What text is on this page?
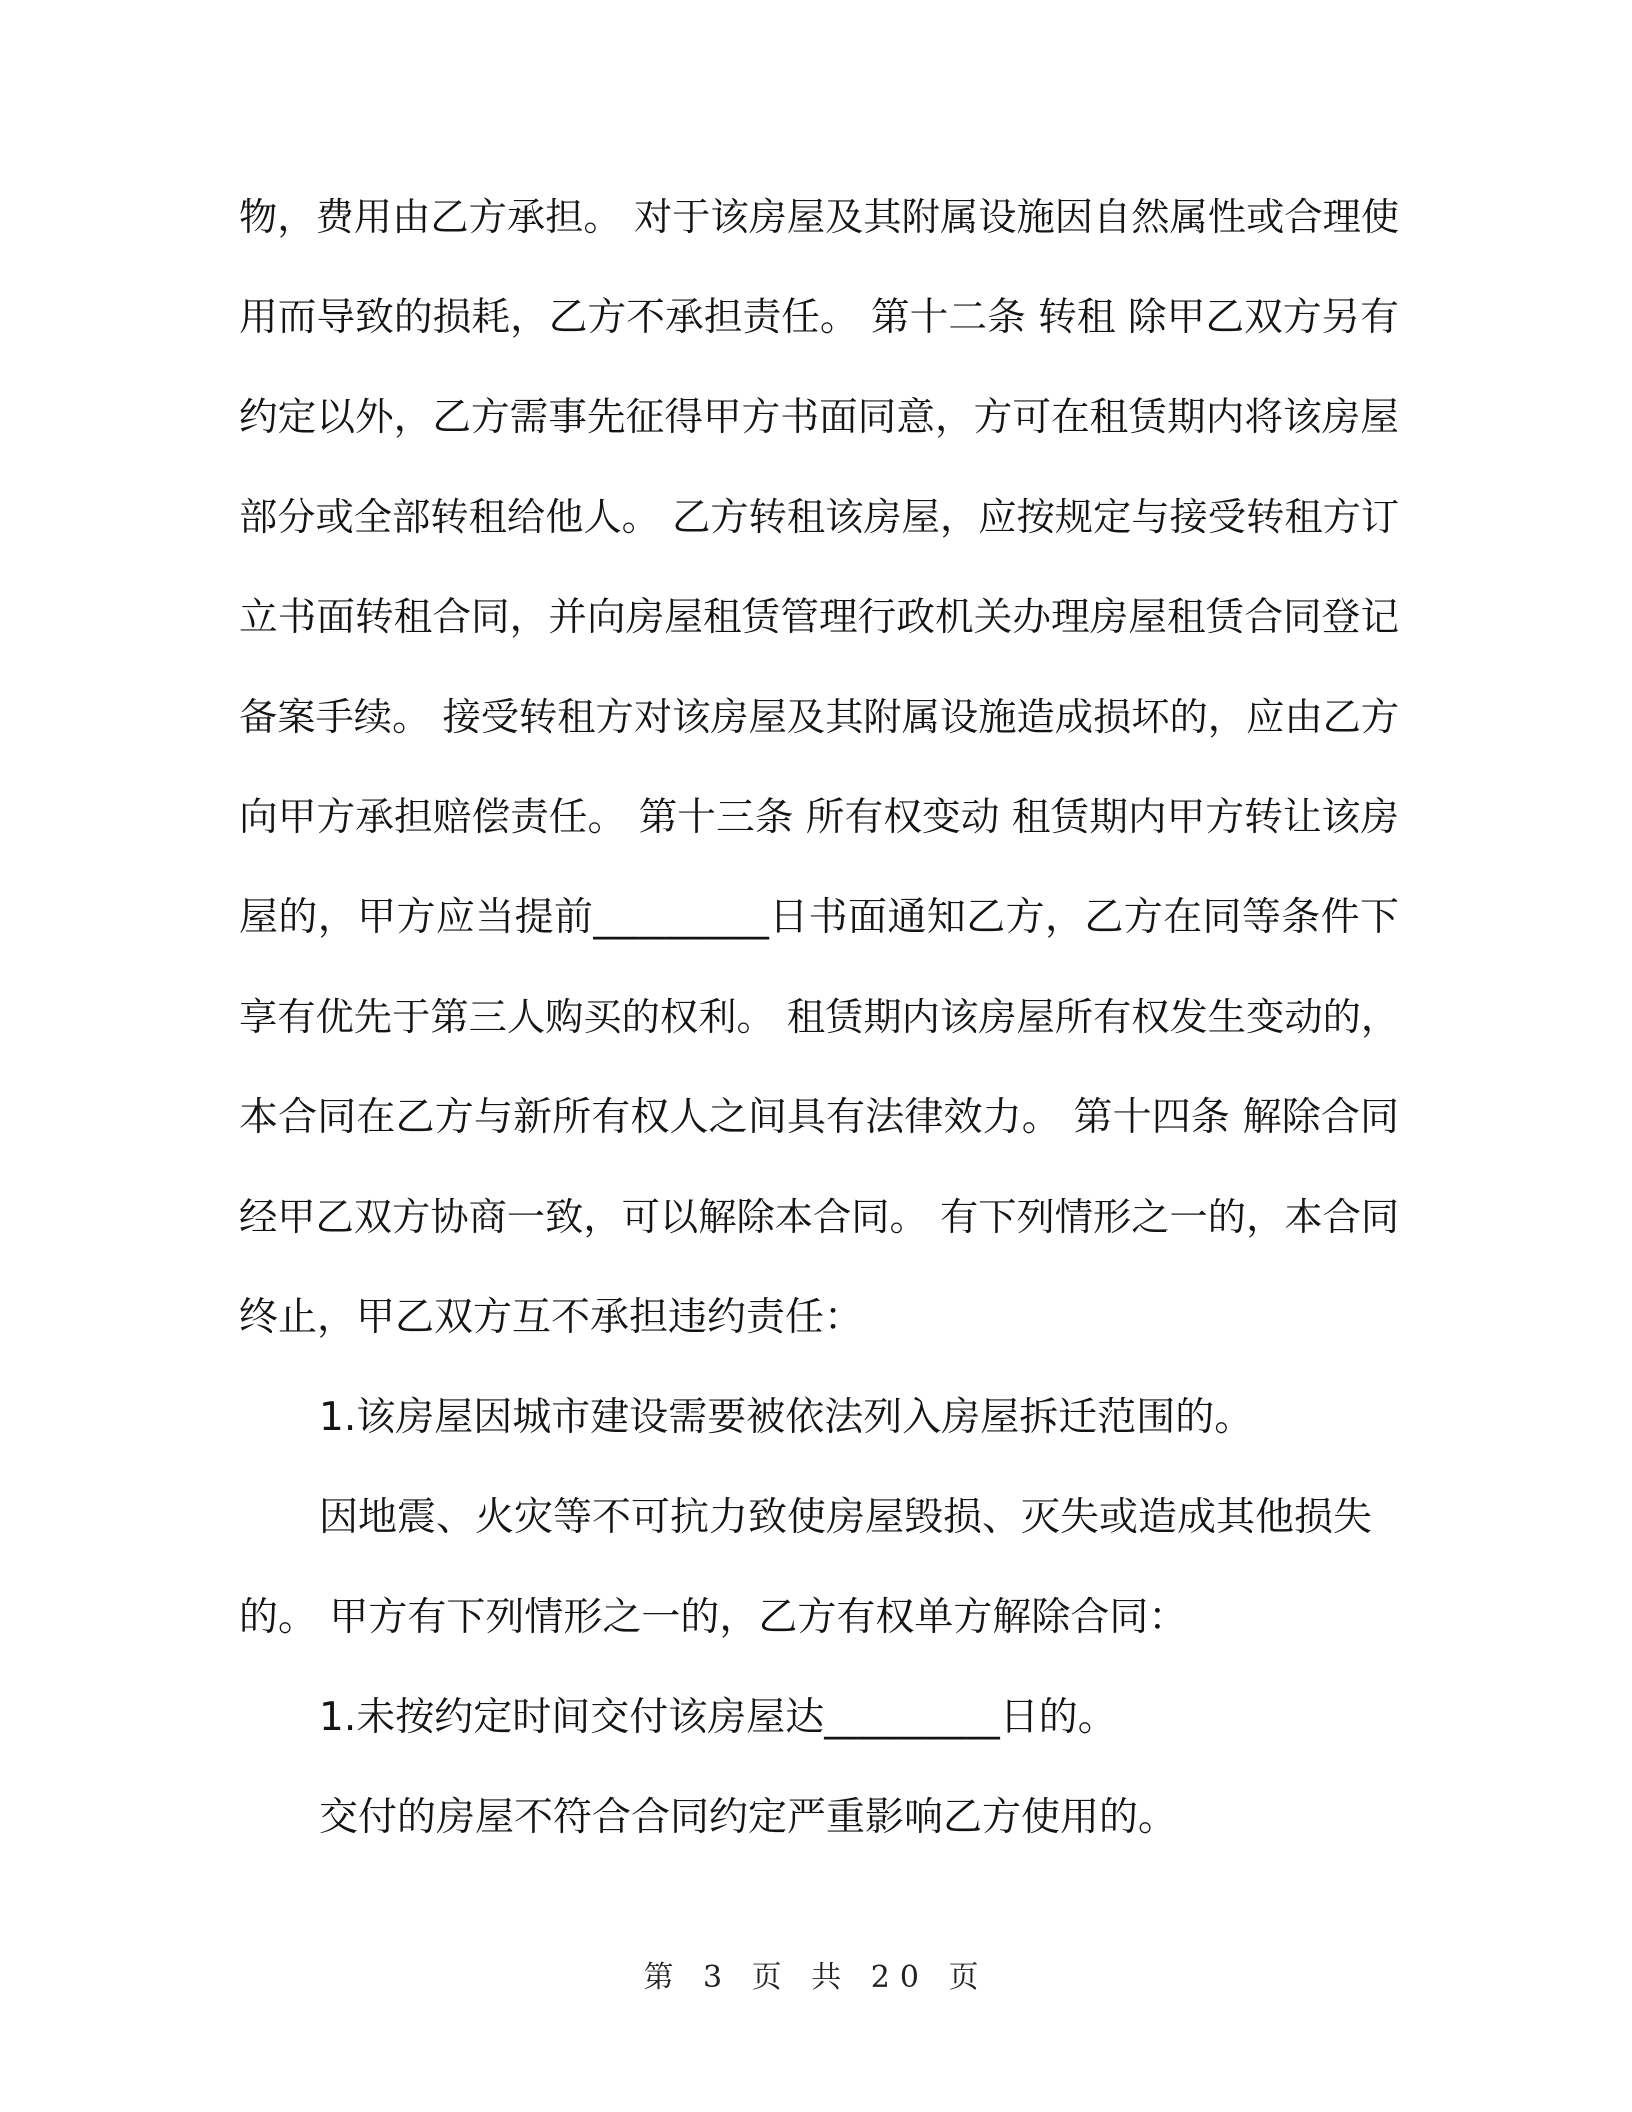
物，费用由乙方承担。 对于该房屋及其附属设施因自然属性或合理使
用而导致的损耗，乙方不承担责任。 第十二条 转租 除甲乙双方另有
约定以外，乙方需事先征得甲方书面同意，方可在租赁期内将该房屋
部分或全部转租给他人。 乙方转租该房屋，应按规定与接受转租方订
立书面转租合同，并向房屋租赁管理行政机关办理房屋租赁合同登记
备案手续。 接受转租方对该房屋及其附属设施造成损坏的，应由乙方
向甲方承担赔偿责任。 第十三条 所有权变动 租赁期内甲方转让该房
屋的，甲方应当提前_________日书面通知乙方，乙方在同等条件下
享有优先于第三人购买的权利。 租赁期内该房屋所有权发生变动的，
本合同在乙方与新所有权人之间具有法律效力。 第十四条 解除合同
经甲乙双方协商一致，可以解除本合同。 有下列情形之一的，本合同
终止，甲乙双方互不承担违约责任：
1.该房屋因城市建设需要被依法列入房屋拆迁范围的。
因地震、火灾等不可抗力致使房屋毁损、灭失或造成其他损失
的。 甲方有下列情形之一的，乙方有权单方解除合同：
1.未按约定时间交付该房屋达_________日的。
交付的房屋不符合合同约定严重影响乙方使用的。
第 3 页 共 20 页
